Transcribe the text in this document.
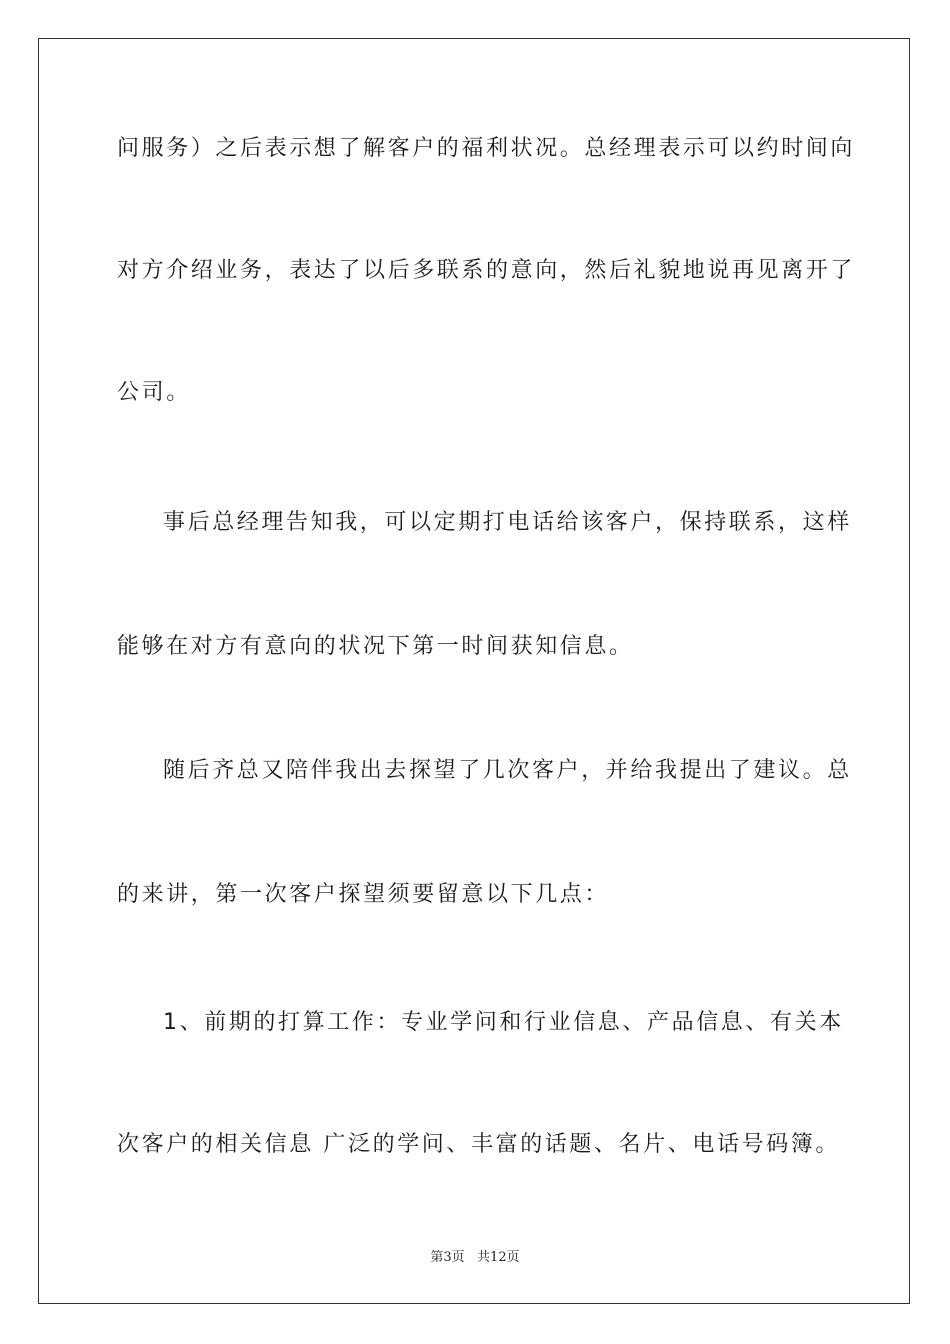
问服务）之后表示想了解客户的福利状况。总经理表示可以约时间向
对方介绍业务，表达了以后多联系的意向，然后礼貌地说再见离开了
公司。
事后总经理告知我，可以定期打电话给该客户，保持联系，这样
能够在对方有意向的状况下第一时间获知信息。
随后齐总又陪伴我出去探望了几次客户，并给我提出了建议。总
的来讲，第一次客户探望须要留意以下几点：
1、前期的打算工作：专业学问和行业信息、产品信息、有关本
次客户的相关信息 广泛的学问、丰富的话题、名片、电话号码簿。
第3页   共12页
